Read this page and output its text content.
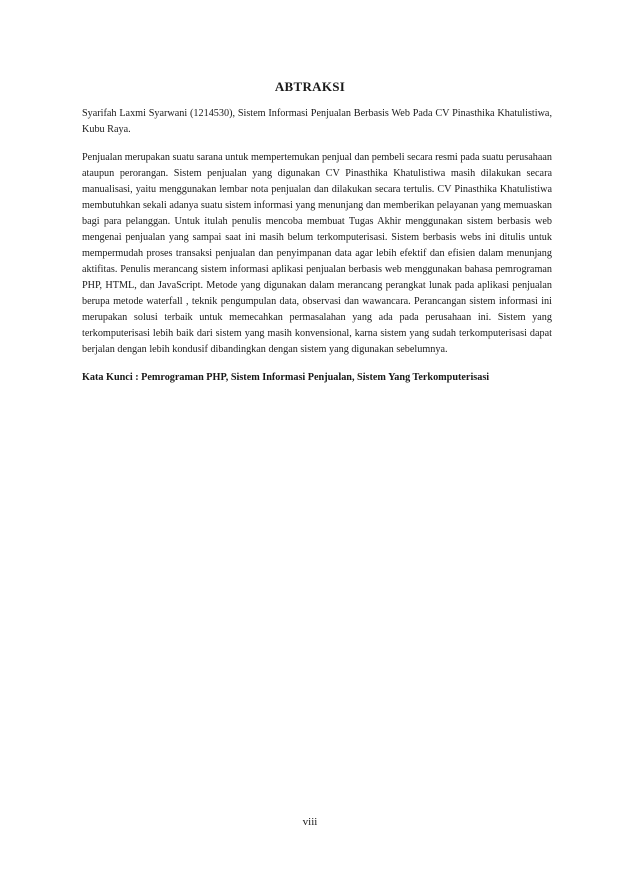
ABTRAKSI

Syarifah Laxmi Syarwani (1214530), Sistem Informasi Penjualan Berbasis Web Pada CV Pinasthika Khatulistiwa, Kubu Raya.

Penjualan merupakan suatu sarana untuk mempertemukan penjual dan pembeli secara resmi pada suatu perusahaan ataupun perorangan. Sistem penjualan yang digunakan CV Pinasthika Khatulistiwa masih dilakukan secara manualisasi, yaitu menggunakan lembar nota penjualan dan dilakukan secara tertulis. CV Pinasthika Khatulistiwa membutuhkan sekali adanya suatu sistem informasi yang menunjang dan memberikan pelayanan yang memuaskan bagi para pelanggan. Untuk itulah penulis mencoba membuat Tugas Akhir menggunakan sistem berbasis web mengenai penjualan yang sampai saat ini masih belum terkomputerisasi. Sistem berbasis webs ini ditulis untuk mempermudah proses transaksi penjualan dan penyimpanan data agar lebih efektif dan efisien dalam menunjang aktifitas. Penulis merancang sistem informasi aplikasi penjualan berbasis web menggunakan bahasa pemrograman PHP, HTML, dan JavaScript. Metode yang digunakan dalam merancang perangkat lunak pada aplikasi penjualan berupa metode waterfall , teknik pengumpulan data, observasi dan wawancara. Perancangan sistem informasi ini merupakan solusi terbaik untuk memecahkan permasalahan yang ada pada perusahaan ini. Sistem yang terkomputerisasi lebih baik dari sistem yang masih konvensional, karna sistem yang sudah terkomputerisasi dapat berjalan dengan lebih kondusif dibandingkan dengan sistem yang digunakan sebelumnya.

Kata Kunci : Pemrograman PHP, Sistem Informasi Penjualan, Sistem Yang Terkomputerisasi

viii
